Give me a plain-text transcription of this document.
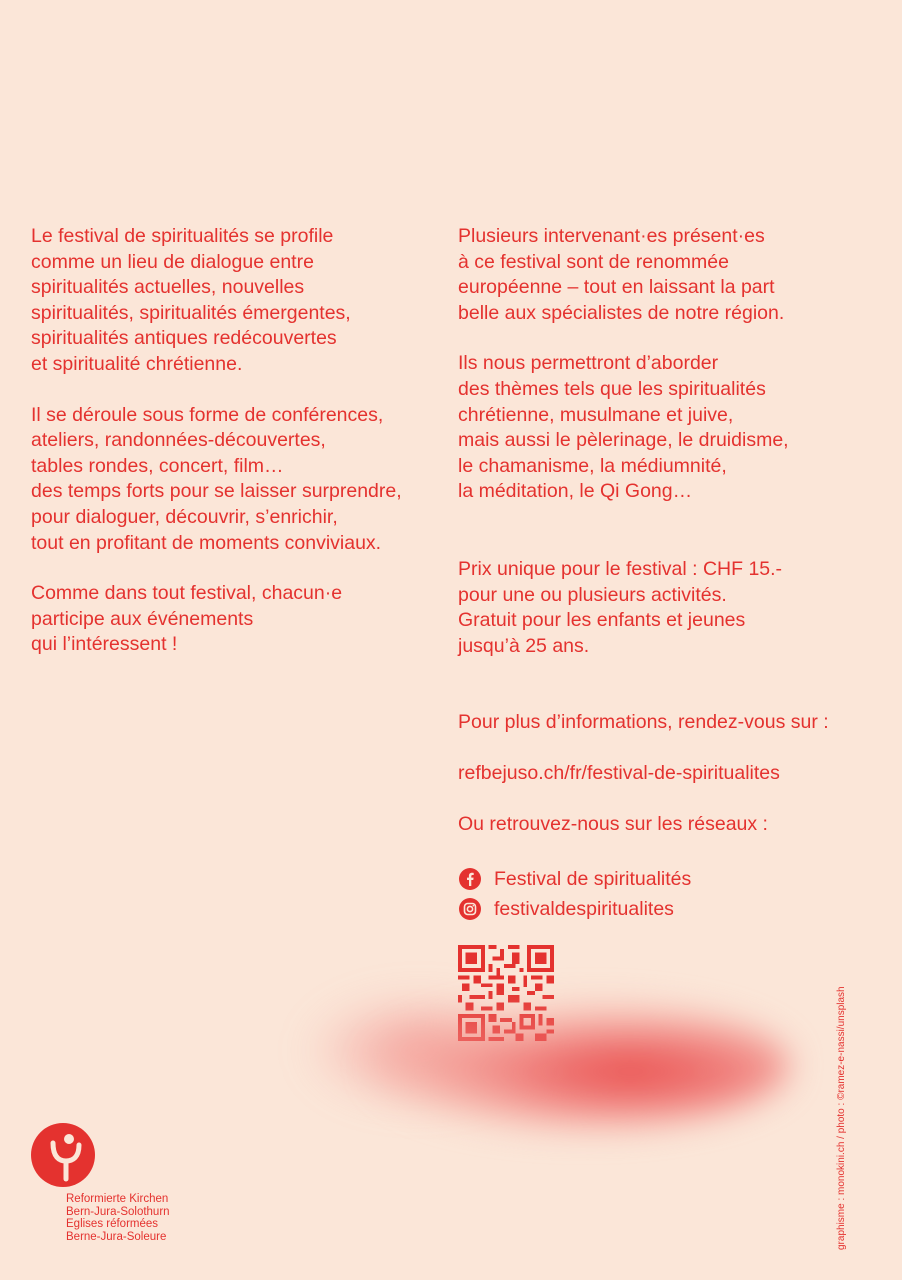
Le festival de spiritualités se profile
comme un lieu de dialogue entre
spiritualités actuelles, nouvelles
spiritualités, spiritualités émergentes,
spiritualités antiques redécouvertes
et spiritualité chrétienne.

Il se déroule sous forme de conférences,
ateliers, randonnées-découvertes,
tables rondes, concert, film…
des temps forts pour se laisser surprendre,
pour dialoguer, découvrir, s’enrichir,
tout en profitant de moments conviviaux.

Comme dans tout festival, chacun·e
participe aux événements
qui l’intéressent !

Plusieurs intervenant·es présent·es
à ce festival sont de renommée
européenne – tout en laissant la part
belle aux spécialistes de notre région.

Ils nous permettront d’aborder
des thèmes tels que les spiritualités
chrétienne, musulmane et juive,
mais aussi le pèlerinage, le druidisme,
le chamanisme, la médiumnité,
la méditation, le Qi Gong…

Prix unique pour le festival : CHF 15.-
pour une ou plusieurs activités.
Gratuit pour les enfants et jeunes
jusqu’à 25 ans.

Pour plus d’informations, rendez-vous sur :

refbejuso.ch/fr/festival-de-spiritualites

Ou retrouvez-nous sur les réseaux :

Festival de spiritualités
festivaldespiritualites
Reformierte Kirchen
Bern-Jura-Solothurn
Eglises réformées
Berne-Jura-Soleure	graphisme : monokini.ch / photo : ©ramez-e-nassi/unsplash
